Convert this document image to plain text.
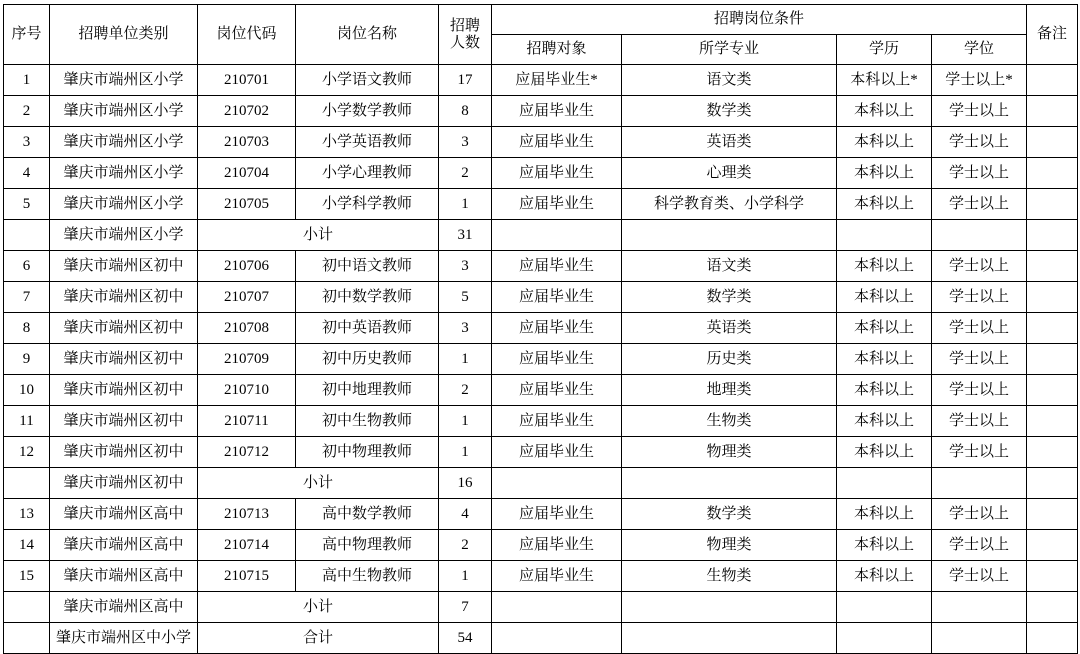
序号	招聘单位类别	岗位代码	岗位名称	招聘
人数	招聘岗位条件				备注
					招聘对象	所学专业	学历	学位	
1	肇庆市端州区小学	210701	小学语文教师	17	应届毕业生*	语文类	本科以上*	学士以上*	
2	肇庆市端州区小学	210702	小学数学教师	8	应届毕业生	数学类	本科以上	学士以上	
3	肇庆市端州区小学	210703	小学英语教师	3	应届毕业生	英语类	本科以上	学士以上	
4	肇庆市端州区小学	210704	小学心理教师	2	应届毕业生	心理类	本科以上	学士以上	
5	肇庆市端州区小学	210705	小学科学教师	1	应届毕业生	科学教育类、小学科学	本科以上	学士以上	
	肇庆市端州区小学	小计		31					
6	肇庆市端州区初中	210706	初中语文教师	3	应届毕业生	语文类	本科以上	学士以上	
7	肇庆市端州区初中	210707	初中数学教师	5	应届毕业生	数学类	本科以上	学士以上	
8	肇庆市端州区初中	210708	初中英语教师	3	应届毕业生	英语类	本科以上	学士以上	
9	肇庆市端州区初中	210709	初中历史教师	1	应届毕业生	历史类	本科以上	学士以上	
10	肇庆市端州区初中	210710	初中地理教师	2	应届毕业生	地理类	本科以上	学士以上	
11	肇庆市端州区初中	210711	初中生物教师	1	应届毕业生	生物类	本科以上	学士以上	
12	肇庆市端州区初中	210712	初中物理教师	1	应届毕业生	物理类	本科以上	学士以上	
	肇庆市端州区初中	小计		16					
13	肇庆市端州区高中	210713	高中数学教师	4	应届毕业生	数学类	本科以上	学士以上	
14	肇庆市端州区高中	210714	高中物理教师	2	应届毕业生	物理类	本科以上	学士以上	
15	肇庆市端州区高中	210715	高中生物教师	1	应届毕业生	生物类	本科以上	学士以上	
	肇庆市端州区高中	小计		7					
	肇庆市端州区中小学	合计		54					
